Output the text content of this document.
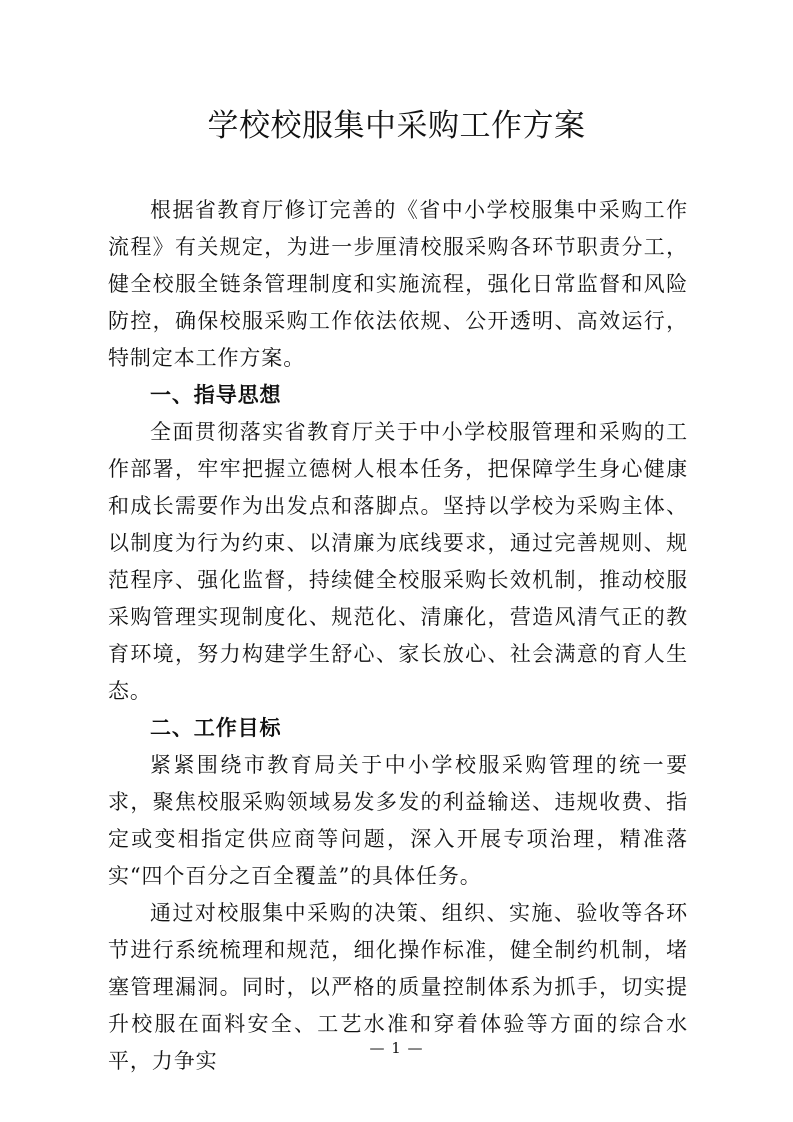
学校校服集中采购工作方案

根据省教育厅修订完善的《省中小学校服集中采购工作流程》有关规定，为进一步厘清校服采购各环节职责分工，健全校服全链条管理制度和实施流程，强化日常监督和风险防控，确保校服采购工作依法依规、公开透明、高效运行，特制定本工作方案。

一、指导思想

全面贯彻落实省教育厅关于中小学校服管理和采购的工作部署，牢牢把握立德树人根本任务，把保障学生身心健康和成长需要作为出发点和落脚点。坚持以学校为采购主体、以制度为行为约束、以清廉为底线要求，通过完善规则、规范程序、强化监督，持续健全校服采购长效机制，推动校服采购管理实现制度化、规范化、清廉化，营造风清气正的教育环境，努力构建学生舒心、家长放心、社会满意的育人生态。

二、工作目标

紧紧围绕市教育局关于中小学校服采购管理的统一要求，聚焦校服采购领域易发多发的利益输送、违规收费、指定或变相指定供应商等问题，深入开展专项治理，精准落实“四个百分之百全覆盖”的具体任务。

通过对校服集中采购的决策、组织、实施、验收等各环节进行系统梳理和规范，细化操作标准，健全制约机制，堵塞管理漏洞。同时，以严格的质量控制体系为抓手，切实提升校服在面料安全、工艺水准和穿着体验等方面的综合水平，力争实

— 1 —
